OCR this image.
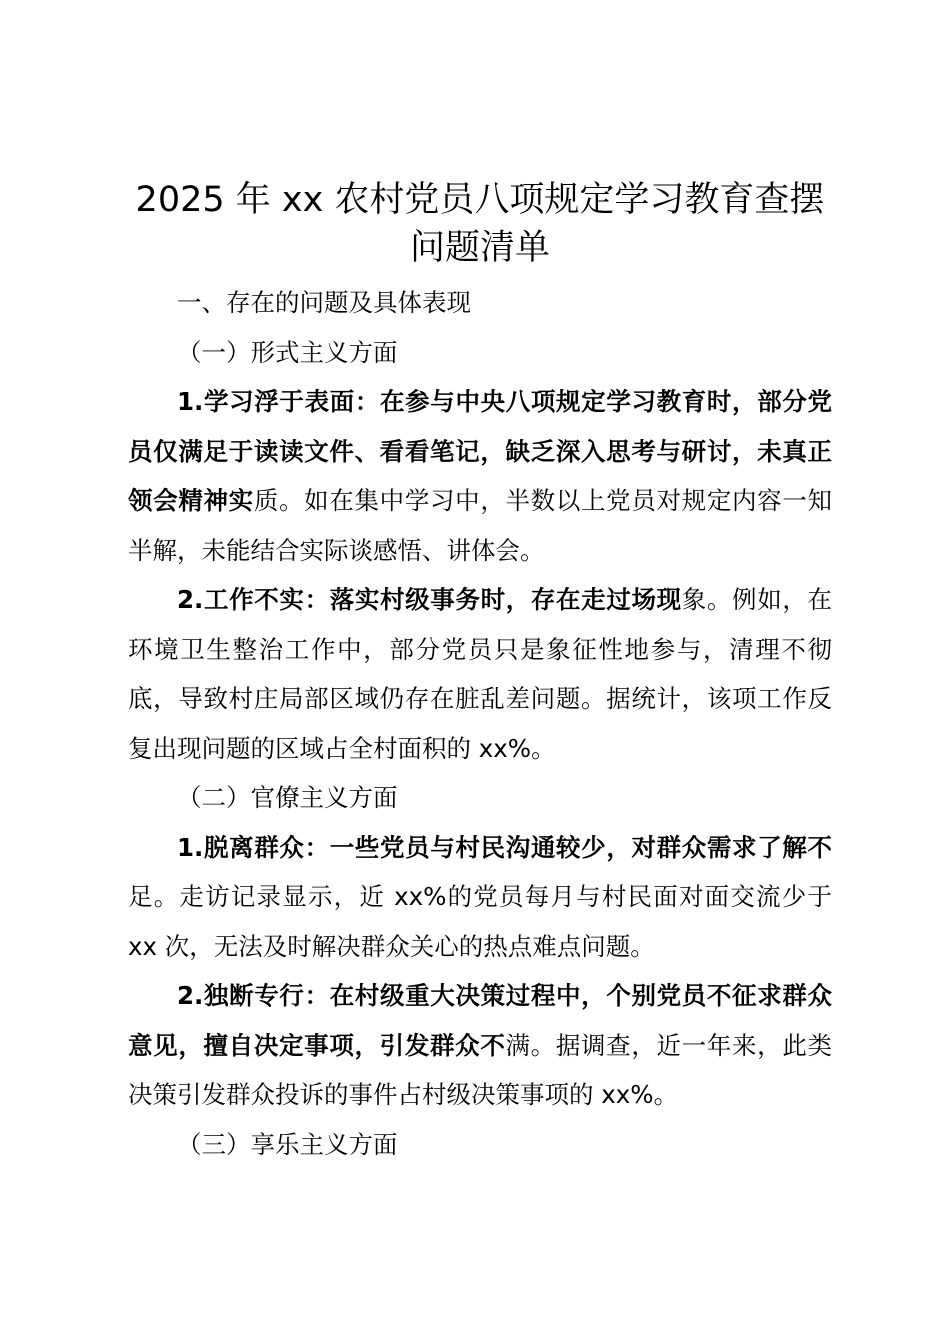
2025 年 xx 农村党员八项规定学习教育查摆
问题清单

一、存在的问题及具体表现

（一）形式主义方面

1.学习浮于表面：在参与中央八项规定学习教育时，部分党员仅满足于读读文件、看看笔记，缺乏深入思考与研讨，未真正领会精神实质。如在集中学习中，半数以上党员对规定内容一知半解，未能结合实际谈感悟、讲体会。

2.工作不实：落实村级事务时，存在走过场现象。例如，在环境卫生整治工作中，部分党员只是象征性地参与，清理不彻底，导致村庄局部区域仍存在脏乱差问题。据统计，该项工作反复出现问题的区域占全村面积的 xx%。

（二）官僚主义方面

1.脱离群众：一些党员与村民沟通较少，对群众需求了解不足。走访记录显示，近 xx%的党员每月与村民面对面交流少于 xx 次，无法及时解决群众关心的热点难点问题。

2.独断专行：在村级重大决策过程中，个别党员不征求群众意见，擅自决定事项，引发群众不满。据调查，近一年来，此类决策引发群众投诉的事件占村级决策事项的 xx%。

（三）享乐主义方面
